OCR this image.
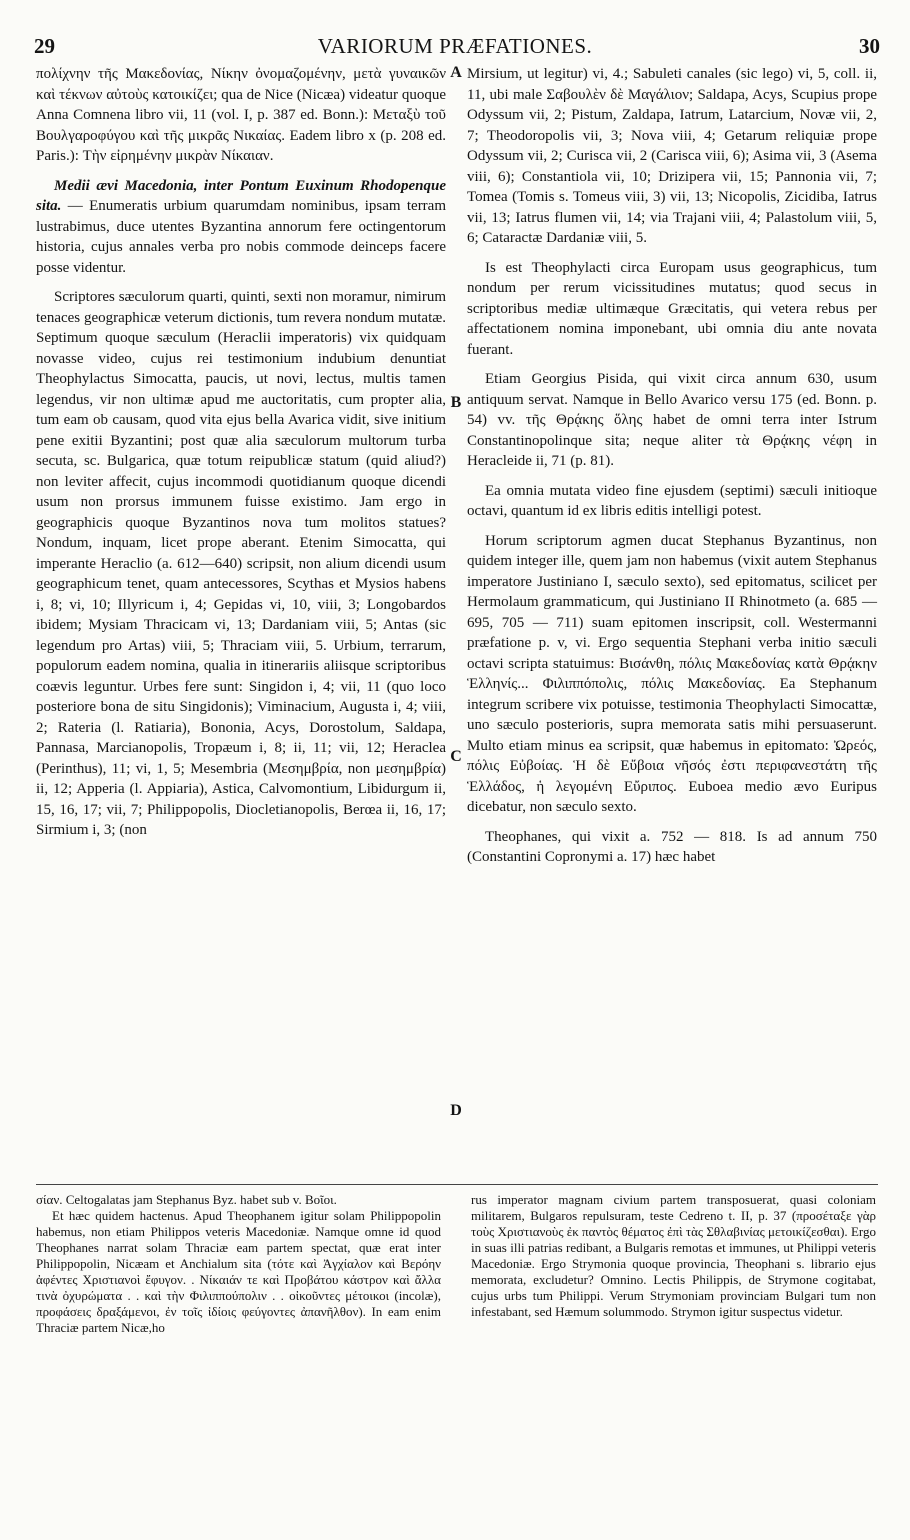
29	VARIORUM PRÆFATIONES.	30
A
B
C
D

πολίχνην τῆς Μακεδονίας, Νίκην ὀνομαζομένην, μετὰ γυναικῶν καὶ τέκνων αὐτοὺς κατοικίζει; qua de Nice (Nicæa) videatur quoque Anna Comnena libro vii, 11 (vol. I, p. 387 ed. Bonn.): Μεταξὺ τοῦ Βουλγαροφύγου καὶ τῆς μικρᾶς Νικαίας. Eadem libro x (p. 208 ed. Paris.): Τὴν εἰρημένην μικρὰν Νίκαιαν.

Medii ævi Macedonia, inter Pontum Euxinum Rhodopenque sita. — Enumeratis urbium quarumdam nominibus, ipsam terram lustrabimus, duce utentes Byzantina annorum fere octingentorum historia, cujus annales verba pro nobis commode deinceps facere posse videntur.

Scriptores sæculorum quarti, quinti, sexti non moramur, nimirum tenaces geographicæ veterum dictionis, tum revera nondum mutatæ. Septimum quoque sæculum (Heraclii imperatoris) vix quidquam novasse video, cujus rei testimonium indubium denuntiat Theophylactus Simocatta, paucis, ut novi, lectus, multis tamen legendus, vir non ultimæ apud me auctoritatis, cum propter alia, tum eam ob causam, quod vita ejus bella Avarica vidit, sive initium pene exitii Byzantini; post quæ alia sæculorum multorum turba secuta, sc. Bulgarica, quæ totum reipublicæ statum (quid aliud?) non leviter affecit, cujus incommodi quotidianum quoque dicendi usum non prorsus immunem fuisse existimo. Jam ergo in geographicis quoque Byzantinos nova tum molitos statues? Nondum, inquam, licet prope aberant. Etenim Simocatta, qui imperante Heraclio (a. 612—640) scripsit, non alium dicendi usum geographicum tenet, quam antecessores, Scythas et Mysios habens i, 8; vi, 10; Illyricum i, 4; Gepidas vi, 10, viii, 3; Longobardos ibidem; Mysiam Thracicam vi, 13; Dardaniam viii, 5; Antas (sic legendum pro Artas) viii, 5; Thraciam viii, 5. Urbium, terrarum, populorum eadem nomina, qualia in itinerariis aliisque scriptoribus coævis leguntur. Urbes fere sunt: Singidon i, 4; vii, 11 (quo loco posteriore bona de situ Singidonis); Viminacium, Augusta i, 4; viii, 2; Rateria (l. Ratiaria), Bononia, Acys, Dorostolum, Saldapa, Pannasa, Marcianopolis, Tropæum i, 8; ii, 11; vii, 12; Heraclea (Perinthus), 11; vi, 1, 5; Mesembria (Μεσημβρία, non μεσημβρία) ii, 12; Apperia (l. Appiaria), Astica, Calvomontium, Libidurgum ii, 15, 16, 17; vii, 7; Philippopolis, Diocletianopolis, Berœa ii, 16, 17; Sirmium i, 3; (non

Mirsium, ut legitur) vi, 4.; Sabuleti canales (sic lego) vi, 5, coll. ii, 11, ubi male Σαβουλὲν δὲ Μαγάλιον; Saldapa, Acys, Scupius prope Odyssum vii, 2; Pistum, Zaldapa, Iatrum, Latarcium, Novæ vii, 2, 7; Theodoropolis vii, 3; Nova viii, 4; Getarum reliquiæ prope Odyssum vii, 2; Curisca vii, 2 (Carisca viii, 6); Asima vii, 3 (Asema viii, 6); Constantiola vii, 10; Drizipera vii, 15; Pannonia vii, 7; Tomea (Tomis s. Tomeus viii, 3) vii, 13; Nicopolis, Zicidiba, Iatrus vii, 13; Iatrus flumen vii, 14; via Trajani viii, 4; Palastolum viii, 5, 6; Cataractæ Dardaniæ viii, 5.

Is est Theophylacti circa Europam usus geographicus, tum nondum per rerum vicissitudines mutatus; quod secus in scriptoribus mediæ ultimæque Græcitatis, qui vetera rebus per affectationem nomina imponebant, ubi omnia diu ante novata fuerant.

Etiam Georgius Pisida, qui vixit circa annum 630, usum antiquum servat. Namque in Bello Avarico versu 175 (ed. Bonn. p. 54) vv. τῆς Θρᾴκης ὅλης habet de omni terra inter Istrum Constantinopolinque sita; neque aliter τὰ Θρᾴκης νέφη in Heracleide ii, 71 (p. 81).

Ea omnia mutata video fine ejusdem (septimi) sæculi initioque octavi, quantum id ex libris editis intelligi potest.

Horum scriptorum agmen ducat Stephanus Byzantinus, non quidem integer ille, quem jam non habemus (vixit autem Stephanus imperatore Justiniano I, sæculo sexto), sed epitomatus, scilicet per Hermolaum grammaticum, qui Justiniano II Rhinotmeto (a. 685 — 695, 705 — 711) suam epitomen inscripsit, coll. Westermanni præfatione p. v, vi. Ergo sequentia Stephani verba initio sæculi octavi scripta statuimus: Βισάνθη, πόλις Μακεδονίας κατὰ Θρᾴκην Ἑλληνίς... Φιλιππόπολις, πόλις Μακεδονίας. Ea Stephanum integrum scribere vix potuisse, testimonia Theophylacti Simocattæ, uno sæculo posterioris, supra memorata satis mihi persuaserunt. Multo etiam minus ea scripsit, quæ habemus in epitomato: Ὠρεός, πόλις Εὐβοίας. Ἡ δὲ Εὔβοια νῆσός ἐστι περιφανεστάτη τῆς Ἑλλάδος, ἡ λεγομένη Εὔριπος. Euboea medio ævo Euripus dicebatur, non sæculo sexto.

Theophanes, qui vixit a. 752 — 818. Is ad annum 750 (Constantini Copronymi a. 17) hæc habet

σίαν. Celtogalatas jam Stephanus Byz. habet sub v. Βοῖοι.

Et hæc quidem hactenus. Apud Theophanem igitur solam Philippopolin habemus, non etiam Philippos veteris Macedoniæ. Namque omne id quod Theophanes narrat solam Thraciæ eam partem spectat, quæ erat inter Philippopolin, Nicæam et Anchialum sita (τότε καὶ Ἀγχίαλον καὶ Βερόην ἀφέντες Χριστιανοὶ ἔφυγον. . Νίκαιάν τε καὶ Προβάτου κάστρον καὶ ἄλλα τινὰ ὀχυρώματα . . καὶ τὴν Φιλιππούπολιν . . οἰκοῦντες μέτοικοι (incolæ), προφάσεις δραξάμενοι, ἐν τοῖς ἰδίοις φεύγοντες ἀπανῆλθον). In eam enim Thraciæ partem Nicæ,ho

rus imperator magnam civium partem transposuerat, quasi coloniam militarem, Bulgaros repulsuram, teste Cedreno t. II, p. 37 (προσέταξε γὰρ τοὺς Χριστιανοὺς ἐκ παντὸς θέματος ἐπὶ τὰς Σθλαβινίας μετοικίζεσθαι). Ergo in suas illi patrias redibant, a Bulgaris remotas et immunes, ut Philippi veteris Macedoniæ. Ergo Strymonia quoque provincia, Theophani s. librario ejus memorata, excludetur? Omnino. Lectis Philippis, de Strymone cogitabat, cujus urbs tum Philippi. Verum Strymoniam provinciam Bulgari tum non infestabant, sed Hæmum solummodo. Strymon igitur suspectus videtur.
